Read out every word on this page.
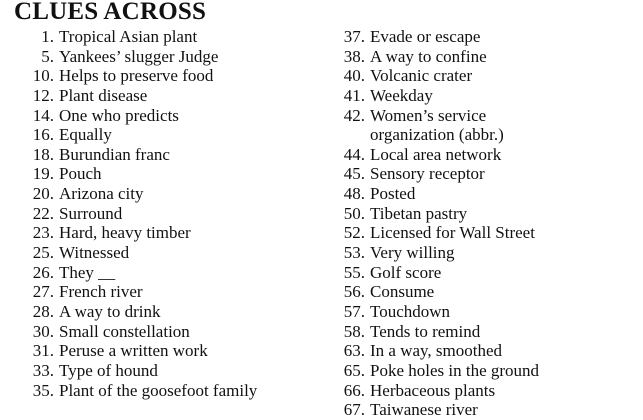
CLUES ACROSS
1. Tropical Asian plant
5. Yankees’ slugger Judge
10. Helps to preserve food
12. Plant disease
14. One who predicts
16. Equally
18. Burundian franc
19. Pouch
20. Arizona city
22. Surround
23. Hard, heavy timber
25. Witnessed
26. They __
27. French river
28. A way to drink
30. Small constellation
31. Peruse a written work
33. Type of hound
35. Plant of the goosefoot family
37. Evade or escape
38. A way to confine
40. Volcanic crater
41. Weekday
42. Women’s service
organization (abbr.)
44. Local area network
45. Sensory receptor
48. Posted
50. Tibetan pastry
52. Licensed for Wall Street
53. Very willing
55. Golf score
56. Consume
57. Touchdown
58. Tends to remind
63. In a way, smoothed
65. Poke holes in the ground
66. Herbaceous plants
67. Taiwanese river
